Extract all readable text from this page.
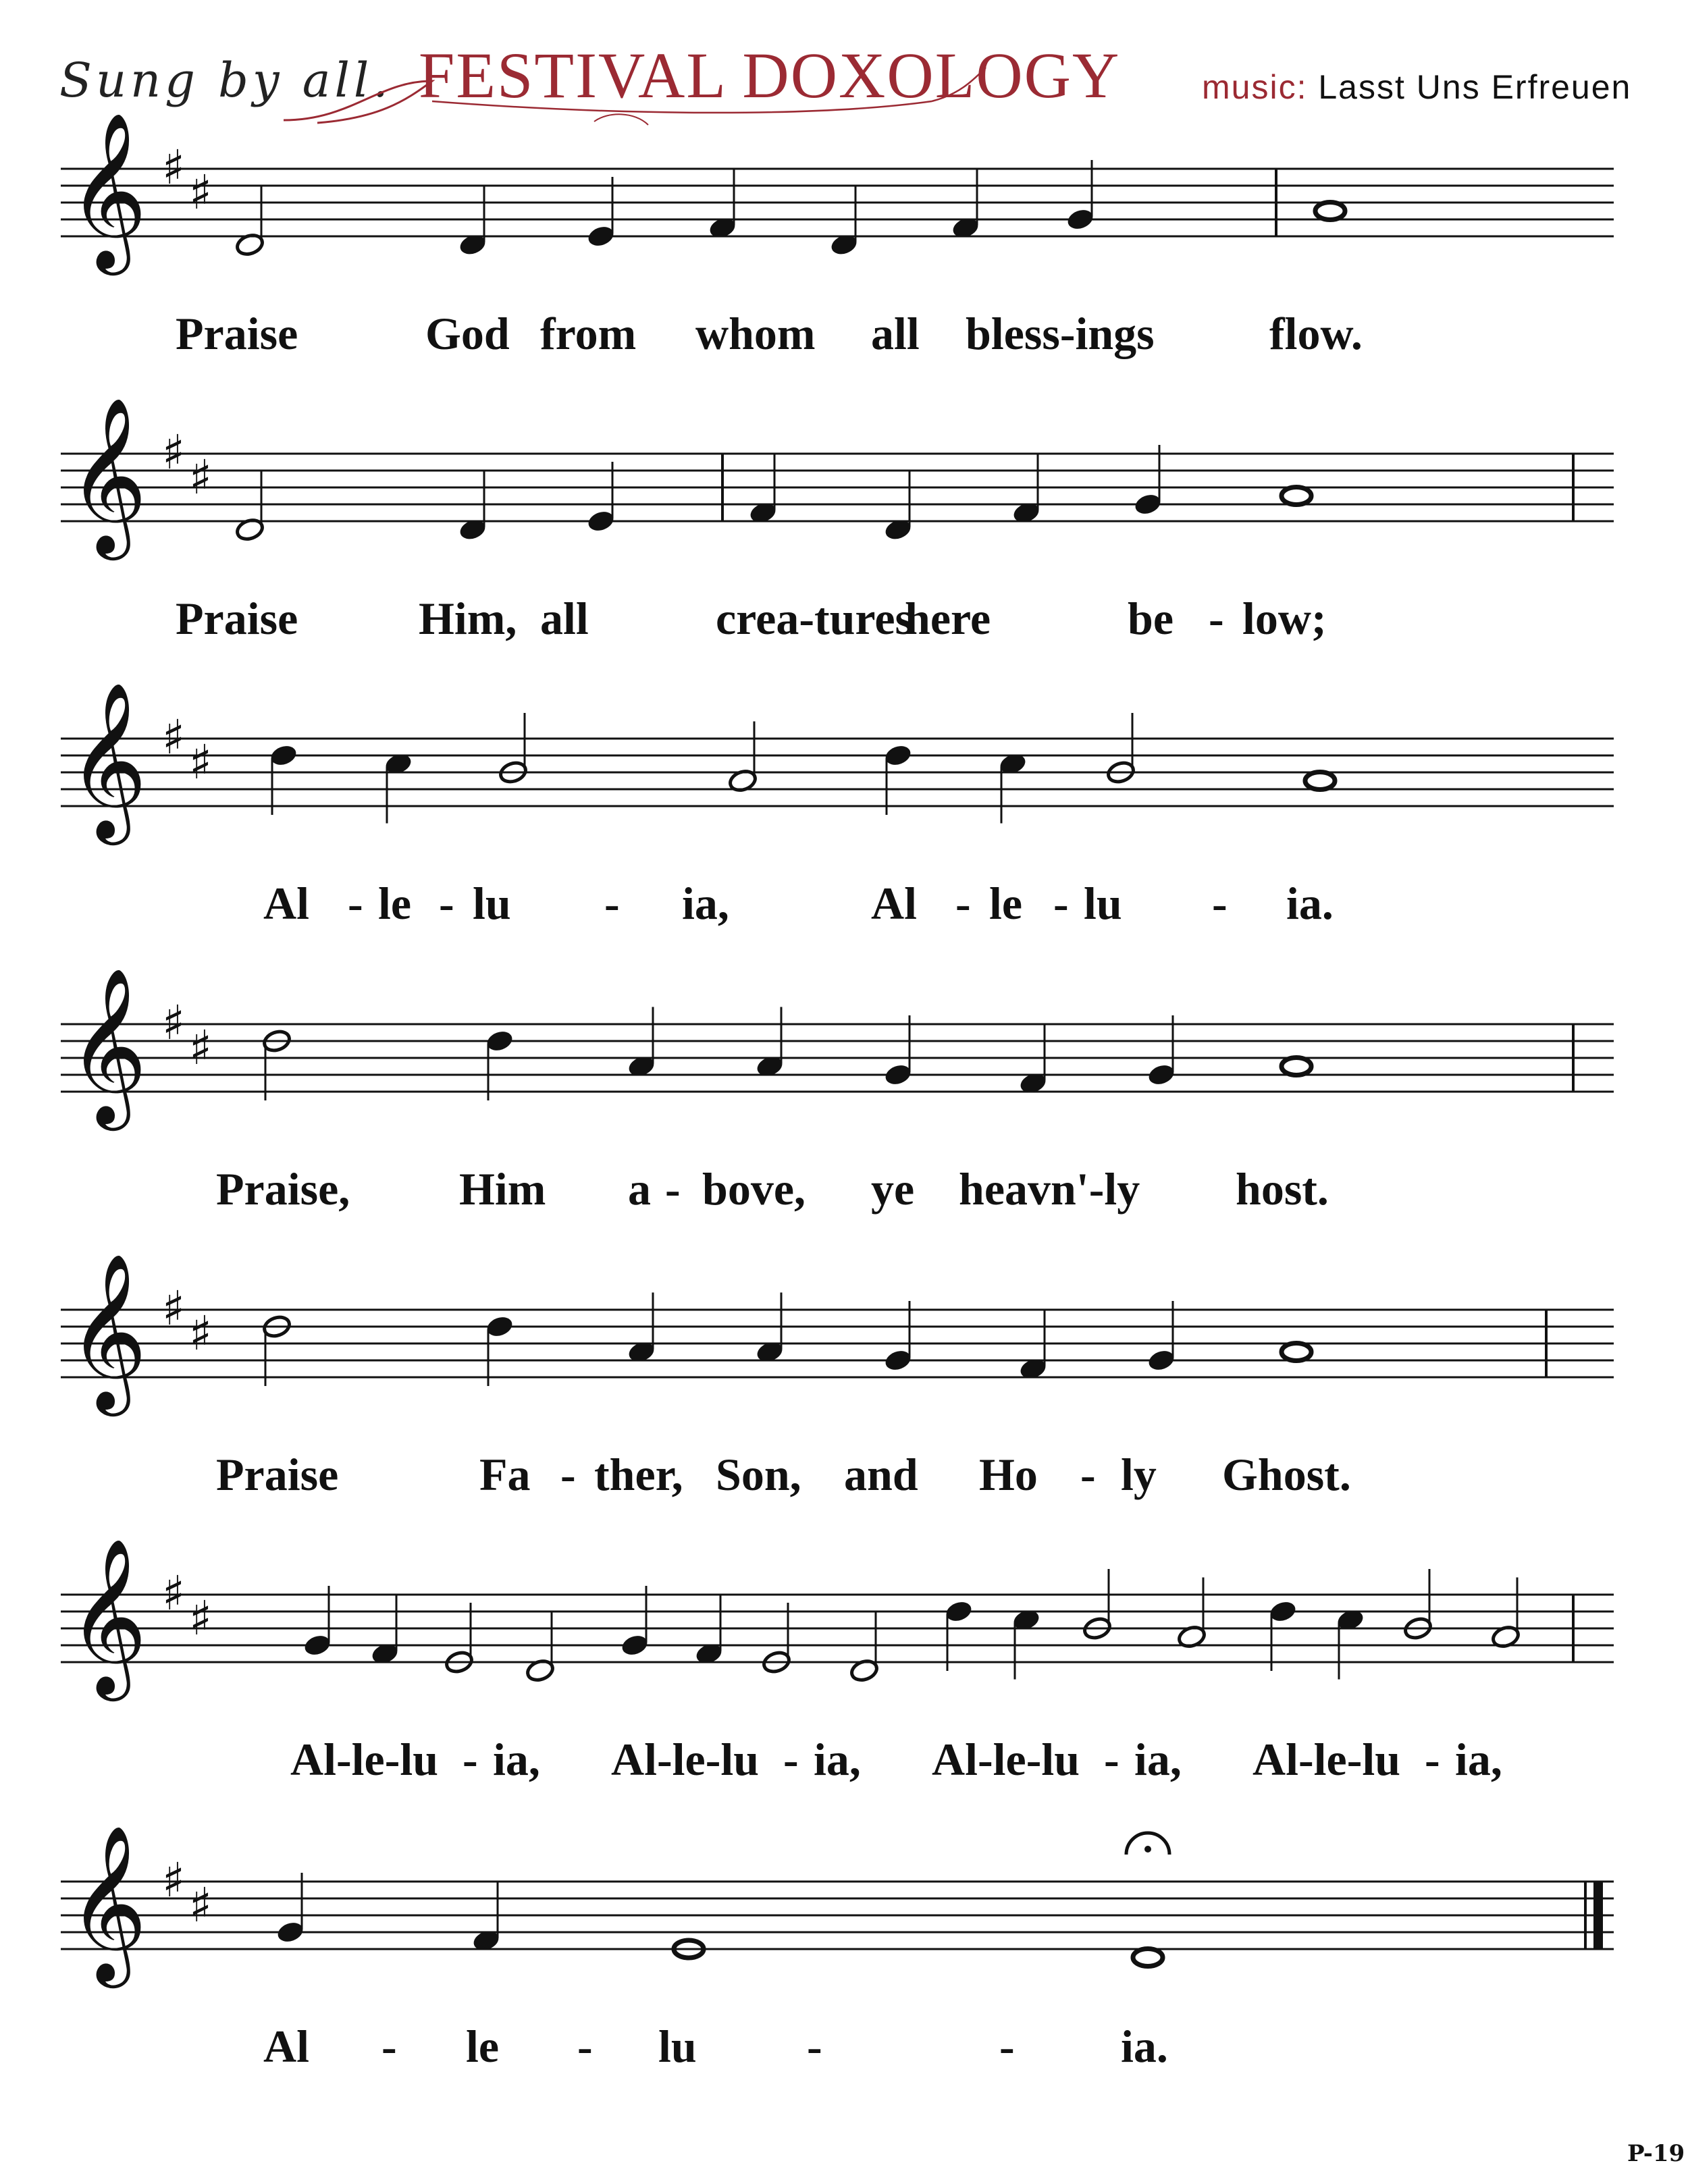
Sung by all. FESTIVAL DOXOLOGY music: Lasst Uns Erfreuen
𝄞 ♯ ♯
Praise	God from whom all bless-ings	flow.
𝄞 ♯ ♯
Praise	Him, all	crea-tures
here	be - low;
𝄞 ♯ ♯
Al - le - lu - ia,	Al - le - lu - ia.
𝄞 ♯ ♯
Praise, Him a - bove, ye heavn'-ly host.
𝄞 ♯ ♯
Praise	Fa - ther, Son, and Ho - ly Ghost.
𝄞 ♯ ♯
Al-le-lu - ia, Al-le-lu - ia, Al-le-lu - ia, Al-le-lu - ia,
𝄞 ♯ ♯
Al - le - lu -	- ia.
P-19
